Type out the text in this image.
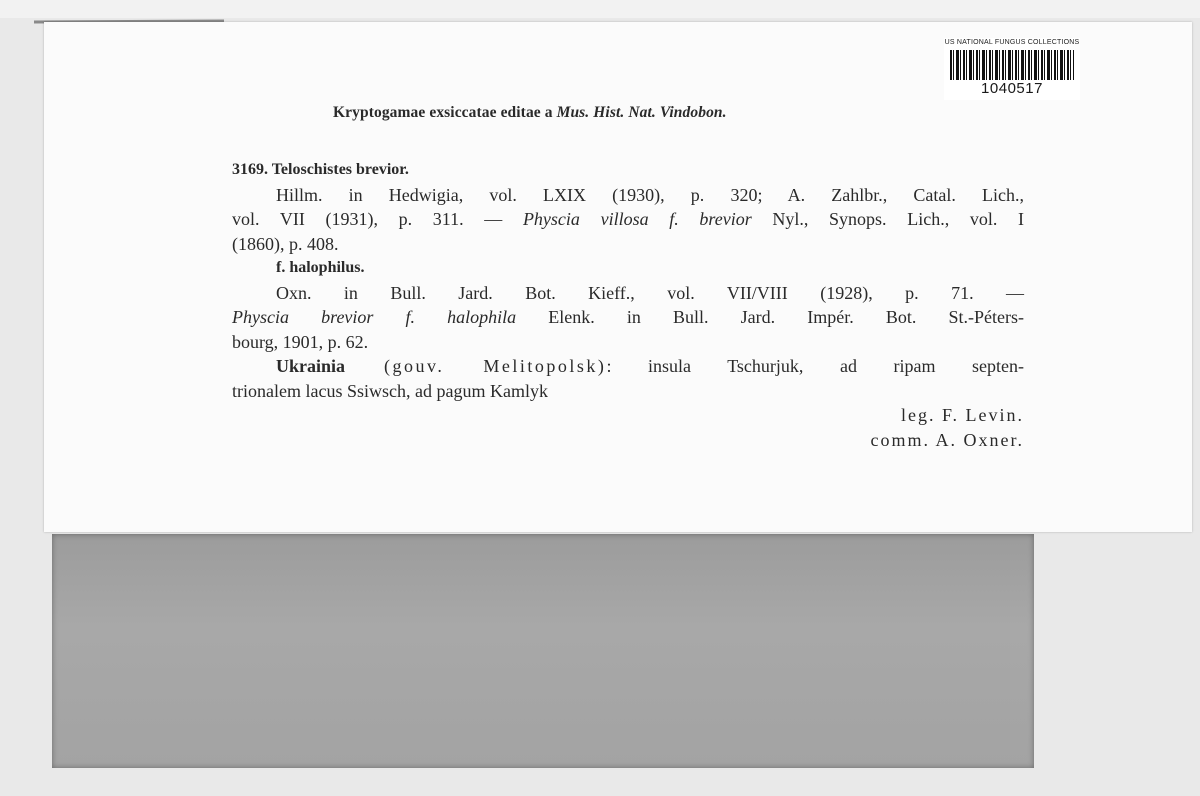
US NATIONAL FUNGUS COLLECTIONS
1040517
Kryptogamae exsiccatae editae a Mus. Hist. Nat. Vindobon.
3169. Teloschistes brevior.
Hillm. in Hedwigia, vol. LXIX (1930), p. 320; A. Zahlbr., Catal. Lich.,
vol. VII (1931), p. 311. — Physcia villosa f. brevior Nyl., Synops. Lich., vol. I
(1860), p. 408.
f. halophilus.
Oxn. in Bull. Jard. Bot. Kieff., vol. VII/VIII (1928), p. 71. —
Physcia brevior f. halophila Elenk. in Bull. Jard. Impér. Bot. St.-Péters-
bourg, 1901, p. 62.
Ukrainia (gouv. Melitopolsk): insula Tschurjuk, ad ripam septen-
trionalem lacus Ssiwsch, ad pagum Kamlyk
leg. F. Levin.
comm. A. Oxner.
